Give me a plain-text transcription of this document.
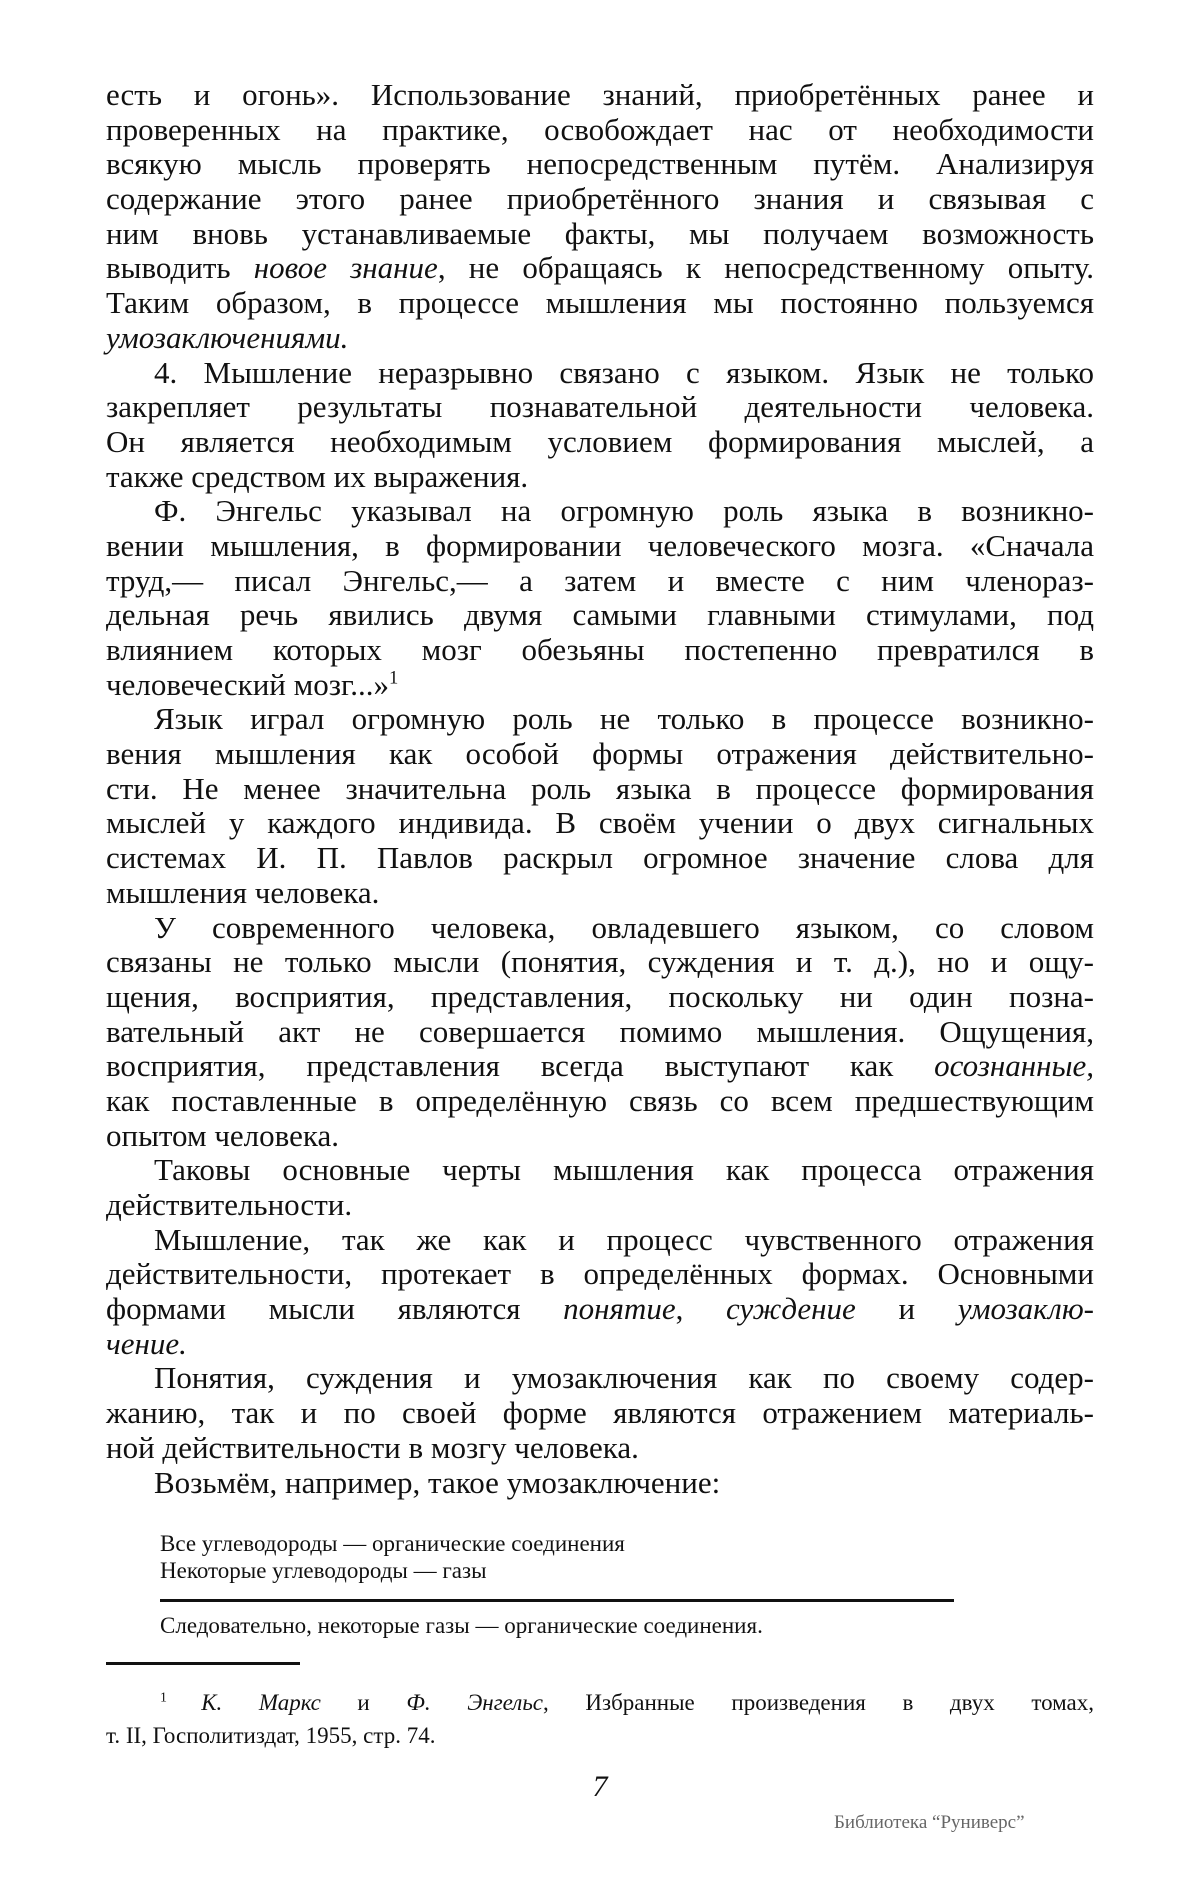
есть и огонь». Использование знаний, приобретённых ранее и
проверенных на практике, освобождает нас от необходимости
всякую мысль проверять непосредственным путём. Анализируя
содержание этого ранее приобретённого знания и связывая с
ним вновь устанавливаемые факты, мы получаем возможность
выводить новое знание, не обращаясь к непосредственному опыту.
Таким образом, в процессе мышления мы постоянно пользуемся
умозаключениями.
4. Мышление неразрывно связано с языком. Язык не только
закрепляет результаты познавательной деятельности человека.
Он является необходимым условием формирования мыслей, а
также средством их выражения.
Ф. Энгельс указывал на огромную роль языка в возникно-
вении мышления, в формировании человеческого мозга. «Сначала
труд,— писал Энгельс,— а затем и вместе с ним членораз-
дельная речь явились двумя самыми главными стимулами, под
влиянием которых мозг обезьяны постепенно превратился в
человеческий мозг...»$^1$
Язык играл огромную роль не только в процессе возникно-
вения мышления как особой формы отражения действительно-
сти. Не менее значительна роль языка в процессе формирования
мыслей у каждого индивида. В своём учении о двух сигнальных
системах И. П. Павлов раскрыл огромное значение слова для
мышления человека.
У современного человека, овладевшего языком, со словом
связаны не только мысли (понятия, суждения и т. д.), но и ощу-
щения, восприятия, представления, поскольку ни один позна-
вательный акт не совершается помимо мышления. Ощущения,
восприятия, представления всегда выступают как осознанные,
как поставленные в определённую связь со всем предшествующим
опытом человека.
Таковы основные черты мышления как процесса отражения
действительности.
Мышление, так же как и процесс чувственного отражения
действительности, протекает в определённых формах. Основными
формами мысли являются понятие, суждение и умозаклю-
чение.
Понятия, суждения и умозаключения как по своему содер-
жанию, так и по своей форме являются отражением материаль-
ной действительности в мозгу человека.
Возьмём, например, такое умозаключение:
Все углеводороды — органические соединения
Некоторые углеводороды — газы
Следовательно, некоторые газы — органические соединения.
$^1$ К. Маркс и Ф. Энгельс, Избранные произведения в двух томах,
т. II, Госполитиздат, 1955, стр. 74.
7
Библиотека “Руниверс”
